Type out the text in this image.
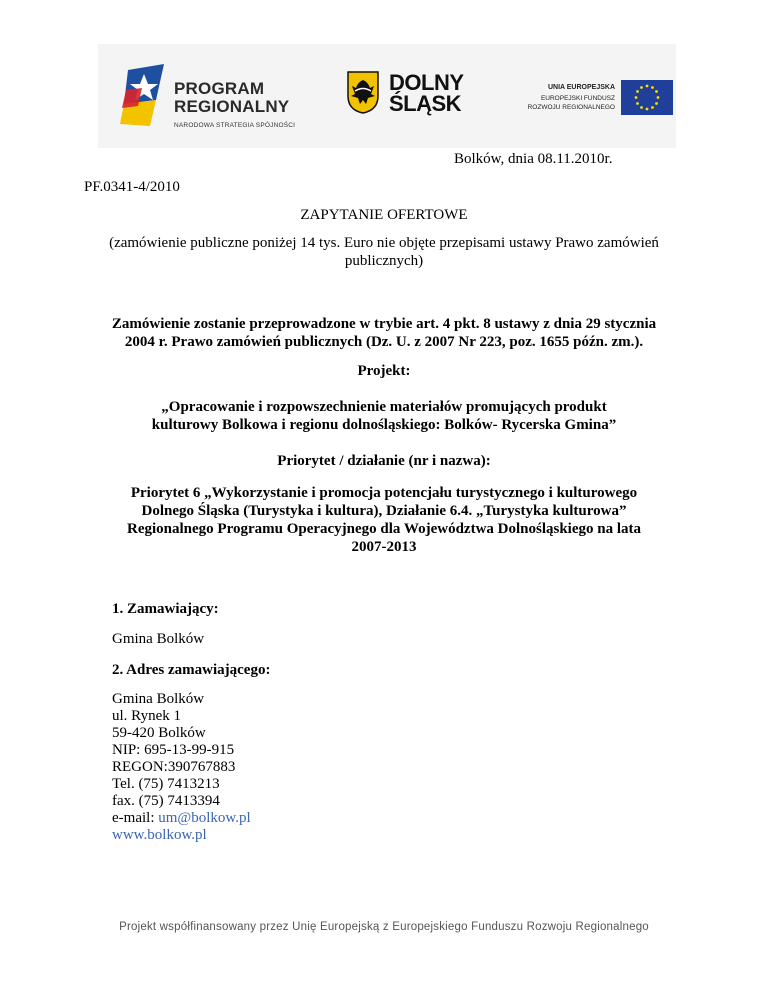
PROGRAM
REGIONALNY
NARODOWA STRATEGIA SPÓJNOŚCI
DOLNY
ŚLĄSK
UNIA EUROPEJSKA
EUROPEJSKI FUNDUSZ
ROZWOJU REGIONALNEGO
Bolków, dnia 08.11.2010r.
PF.0341-4/2010
ZAPYTANIE OFERTOWE
(zamówienie publiczne poniżej 14 tys. Euro nie objęte przepisami ustawy Prawo zamówień
publicznych)
Zamówienie zostanie przeprowadzone w trybie art. 4 pkt. 8 ustawy z dnia 29 stycznia
2004 r. Prawo zamówień publicznych (Dz. U. z 2007 Nr 223, poz. 1655 późn. zm.).
Projekt:
„Opracowanie i rozpowszechnienie materiałów promujących produkt
kulturowy Bolkowa i regionu dolnośląskiego: Bolków- Rycerska Gmina”
Priorytet / działanie (nr i nazwa):
Priorytet 6 „Wykorzystanie i promocja potencjału turystycznego i kulturowego
Dolnego Śląska (Turystyka i kultura), Działanie 6.4. „Turystyka kulturowa”
Regionalnego Programu Operacyjnego dla Województwa Dolnośląskiego na lata
2007-2013
1. Zamawiający:
Gmina Bolków
2. Adres zamawiającego:
Gmina Bolków
ul. Rynek 1
59-420 Bolków
NIP: 695-13-99-915
REGON:390767883
Tel. (75) 7413213
fax. (75) 7413394
e-mail: um@bolkow.pl
www.bolkow.pl
Projekt współfinansowany przez Unię Europejską z Europejskiego Funduszu Rozwoju Regionalnego
